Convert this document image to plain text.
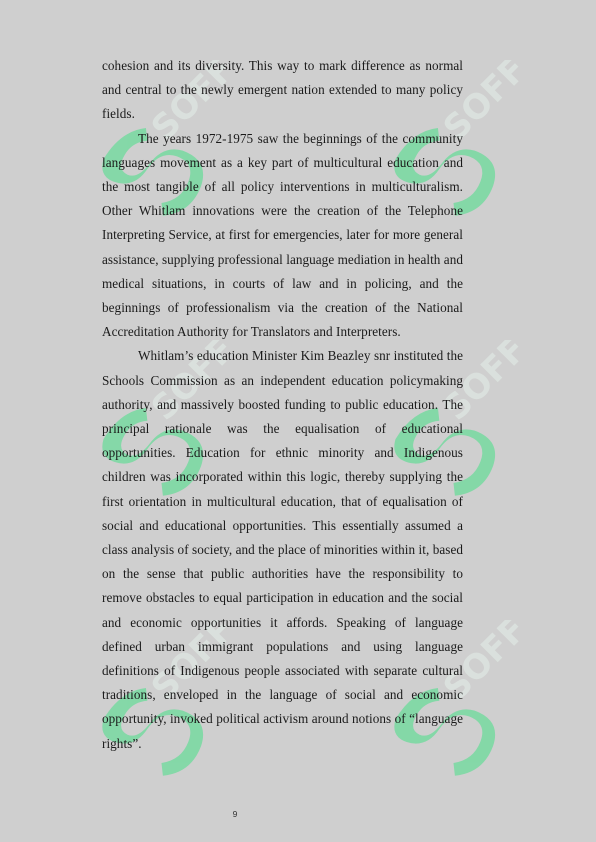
SOFF	SOFF
SOFF	SOFF
SOFF	SOFF

cohesion and its diversity. This way to mark difference as normal and central to the newly emergent nation extended to many policy fields.

The years 1972-1975 saw the beginnings of the community languages movement as a key part of multicultural education and the most tangible of all policy interventions in multiculturalism. Other Whitlam innovations were the creation of the Telephone Interpreting Service, at first for emergencies, later for more general assistance, supplying professional language mediation in health and medical situations, in courts of law and in policing, and the beginnings of professionalism via the creation of the National Accreditation Authority for Translators and Interpreters.

Whitlam’s education Minister Kim Beazley snr instituted the Schools Commission as an independent education policymaking authority, and massively boosted funding to public education. The principal rationale was the equalisation of educational opportunities. Education for ethnic minority and Indigenous children was incorporated within this logic, thereby supplying the first orientation in multicultural education, that of equalisation of social and educational opportunities. This essentially assumed a class analysis of society, and the place of minorities within it, based on the sense that public authorities have the responsibility to remove obstacles to equal participation in education and the social and economic opportunities it affords. Speaking of language defined urban immigrant populations and using language definitions of Indigenous people associated with separate cultural traditions, enveloped in the language of social and economic opportunity, invoked political activism around notions of “language rights”.

9
